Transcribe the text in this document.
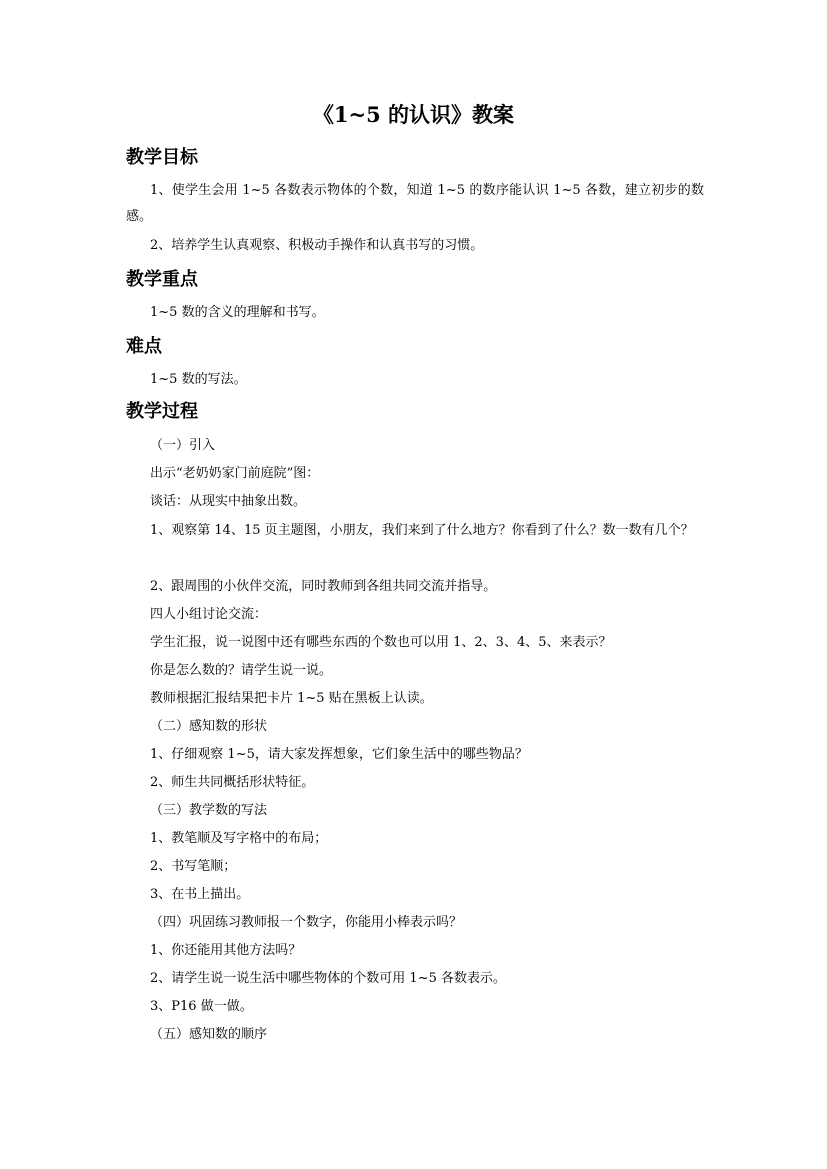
《1~5 的认识》教案
教学目标
1、使学生会用 1~5 各数表示物体的个数，知道 1~5 的数序能认识 1~5 各数，建立初步的数感。
2、培养学生认真观察、积极动手操作和认真书写的习惯。
教学重点
1~5 数的含义的理解和书写。
难点
1~5 数的写法。
教学过程
（一）引入
出示“老奶奶家门前庭院”图：
谈话：从现实中抽象出数。
1、观察第 14、15 页主题图，小朋友，我们来到了什么地方？你看到了什么？数一数有几个？
2、跟周围的小伙伴交流，同时教师到各组共同交流并指导。
四人小组讨论交流：
学生汇报，说一说图中还有哪些东西的个数也可以用 1、2、3、4、5、来表示？
你是怎么数的？请学生说一说。
教师根据汇报结果把卡片 1~5 贴在黑板上认读。
（二）感知数的形状
1、仔细观察 1~5，请大家发挥想象，它们象生活中的哪些物品？
2、师生共同概括形状特征。
（三）教学数的写法
1、教笔顺及写字格中的布局；
2、书写笔顺；
3、在书上描出。
（四）巩固练习教师报一个数字，你能用小棒表示吗？
1、你还能用其他方法吗？
2、请学生说一说生活中哪些物体的个数可用 1~5 各数表示。
3、P16 做一做。
（五）感知数的顺序
